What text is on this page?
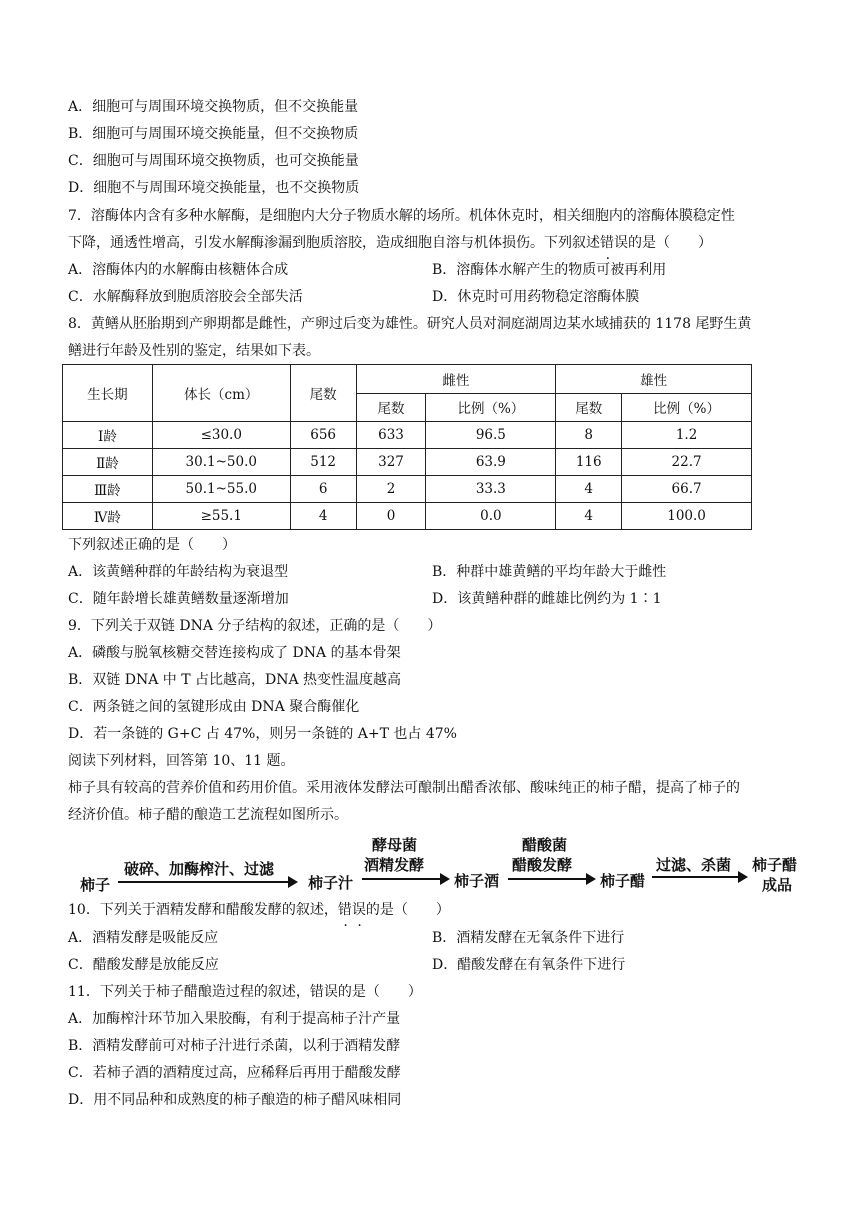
A．细胞可与周围环境交换物质，但不交换能量
B．细胞可与周围环境交换能量，但不交换物质
C．细胞可与周围环境交换物质，也可交换能量
D．细胞不与周围环境交换能量，也不交换物质
7．溶酶体内含有多种水解酶，是细胞内大分子物质水解的场所。机体休克时，相关细胞内的溶酶体膜稳定性
下降，通透性增高，引发水解酶渗漏到胞质溶胶，造成细胞自溶与机体损伤。下列叙述错误的是（　　）
A．溶酶体内的水解酶由核糖体合成	B．溶酶体水解产生的物质可被再利用
C．水解酶释放到胞质溶胶会全部失活	D．休克时可用药物稳定溶酶体膜
8．黄鳝从胚胎期到产卵期都是雌性，产卵过后变为雄性。研究人员对洞庭湖周边某水域捕获的 1178 尾野生黄
鳝进行年龄及性别的鉴定，结果如下表。
生长期	体长（cm）	尾数	雌性		雄性	
			尾数	比例（%）	尾数	比例（%）
Ⅰ龄	≤30.0	656	633	96.5	8	1.2
Ⅱ龄	30.1~50.0	512	327	63.9	116	22.7
Ⅲ龄	50.1~55.0	6	2	33.3	4	66.7
Ⅳ龄	≥55.1	4	0	0.0	4	100.0
下列叙述正确的是（　　）
A．该黄鳝种群的年龄结构为衰退型	B．种群中雄黄鳝的平均年龄大于雌性
C．随年龄增长雄黄鳝数量逐渐增加	D．该黄鳝种群的雌雄比例约为 1∶1
9．下列关于双链 DNA 分子结构的叙述，正确的是（　　）
A．磷酸与脱氧核糖交替连接构成了 DNA 的基本骨架
B．双链 DNA 中 T 占比越高，DNA 热变性温度越高
C．两条链之间的氢键形成由 DNA 聚合酶催化
D．若一条链的 G+C 占 47%，则另一条链的 A+T 也占 47%
阅读下列材料，回答第 10、11 题。
柿子具有较高的营养价值和药用价值。采用液体发酵法可酿制出醋香浓郁、酸味纯正的柿子醋，提高了柿子的
经济价值。柿子醋的酿造工艺流程如图所示。
柿子
破碎、加酶榨汁、过滤
柿子汁
酵母菌
酒精发酵
柿子酒
醋酸菌
醋酸发酵
柿子醋
过滤、杀菌 柿子醋
成品
10．下列关于酒精发酵和醋酸发酵的叙述，错误的是（　　）
A．酒精发酵是吸能反应	B．酒精发酵在无氧条件下进行
C．醋酸发酵是放能反应	D．醋酸发酵在有氧条件下进行
11．下列关于柿子醋酿造过程的叙述，错误的是（　　）
A．加酶榨汁环节加入果胶酶，有利于提高柿子汁产量
B．酒精发酵前可对柿子汁进行杀菌，以利于酒精发酵
C．若柿子酒的酒精度过高，应稀释后再用于醋酸发酵
D．用不同品种和成熟度的柿子酿造的柿子醋风味相同
